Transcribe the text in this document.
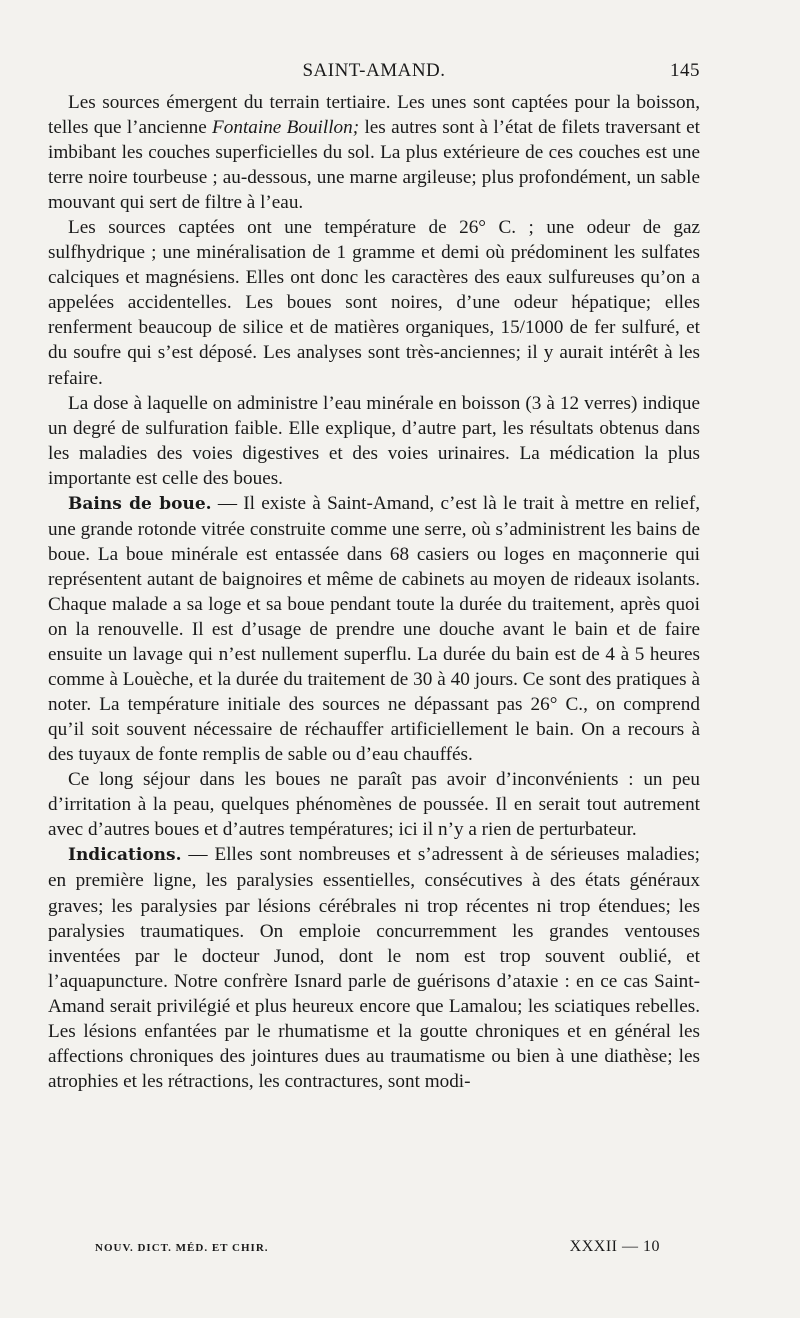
SAINT-AMAND.	145

Les sources émergent du terrain tertiaire. Les unes sont captées pour la boisson, telles que l’ancienne Fontaine Bouillon; les autres sont à l’état de filets traversant et imbibant les couches superficielles du sol. La plus extérieure de ces couches est une terre noire tourbeuse ; au-dessous, une marne argileuse; plus profondément, un sable mouvant qui sert de filtre à l’eau.

Les sources captées ont une température de 26° C. ; une odeur de gaz sulfhydrique ; une minéralisation de 1 gramme et demi où prédominent les sulfates calciques et magnésiens. Elles ont donc les caractères des eaux sulfureuses qu’on a appelées accidentelles. Les boues sont noires, d’une odeur hépatique; elles renferment beaucoup de silice et de matières organiques, 15/1000 de fer sulfuré, et du soufre qui s’est déposé. Les analyses sont très-anciennes; il y aurait intérêt à les refaire.

La dose à laquelle on administre l’eau minérale en boisson (3 à 12 verres) indique un degré de sulfuration faible. Elle explique, d’autre part, les résultats obtenus dans les maladies des voies digestives et des voies urinaires. La médication la plus importante est celle des boues.

Bains de boue. — Il existe à Saint-Amand, c’est là le trait à mettre en relief, une grande rotonde vitrée construite comme une serre, où s’administrent les bains de boue. La boue minérale est entassée dans 68 casiers ou loges en maçonnerie qui représentent autant de baignoires et même de cabinets au moyen de rideaux isolants. Chaque malade a sa loge et sa boue pendant toute la durée du traitement, après quoi on la renouvelle. Il est d’usage de prendre une douche avant le bain et de faire ensuite un lavage qui n’est nullement superflu. La durée du bain est de 4 à 5 heures comme à Louèche, et la durée du traitement de 30 à 40 jours. Ce sont des pratiques à noter. La température initiale des sources ne dépassant pas 26° C., on comprend qu’il soit souvent nécessaire de réchauffer artificiellement le bain. On a recours à des tuyaux de fonte remplis de sable ou d’eau chauffés.

Ce long séjour dans les boues ne paraît pas avoir d’inconvénients : un peu d’irritation à la peau, quelques phénomènes de poussée. Il en serait tout autrement avec d’autres boues et d’autres températures; ici il n’y a rien de perturbateur.

Indications. — Elles sont nombreuses et s’adressent à de sérieuses maladies; en première ligne, les paralysies essentielles, consécutives à des états généraux graves; les paralysies par lésions cérébrales ni trop récentes ni trop étendues; les paralysies traumatiques. On emploie concurremment les grandes ventouses inventées par le docteur Junod, dont le nom est trop souvent oublié, et l’aquapuncture. Notre confrère Isnard parle de guérisons d’ataxie : en ce cas Saint-Amand serait privilégié et plus heureux encore que Lamalou; les sciatiques rebelles. Les lésions enfantées par le rhumatisme et la goutte chroniques et en général les affections chroniques des jointures dues au traumatisme ou bien à une diathèse; les atrophies et les rétractions, les contractures, sont modi-

NOUV. DICT. MÉD. ET CHIR.	XXXII — 10
